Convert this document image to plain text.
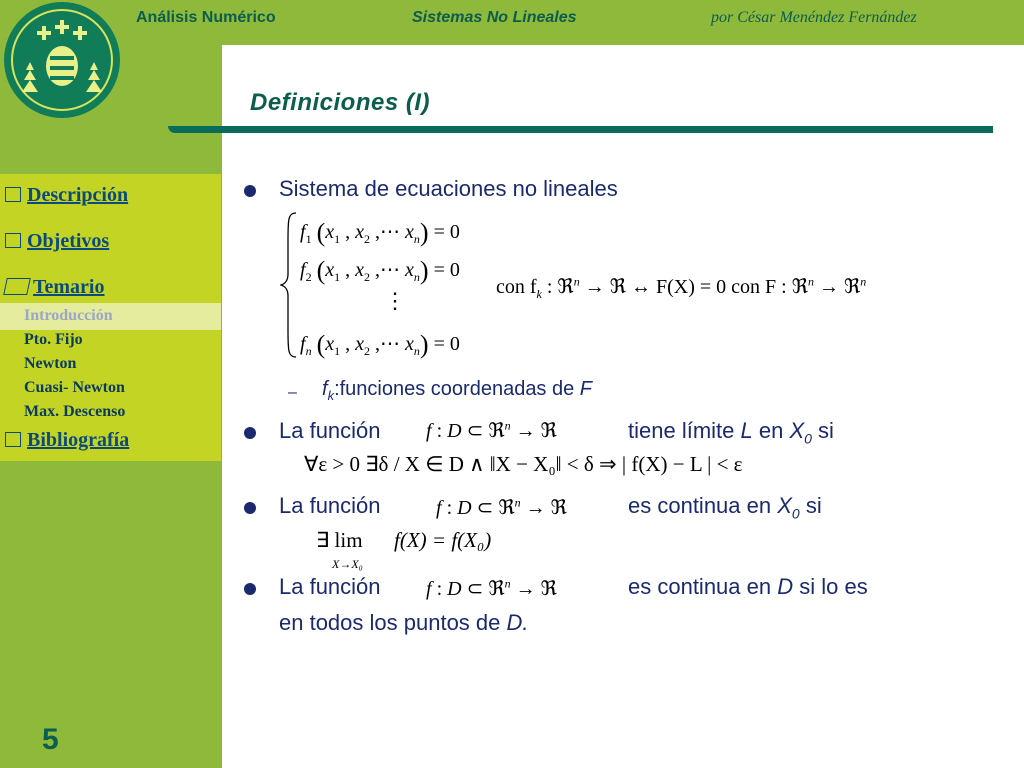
Análisis Numérico	Sistemas No Lineales	por César Menéndez Fernández
Definiciones (I)
Descripción
Objetivos
Temario
Introducción
Pto. Fijo
Newton
Cuasi- Newton
Max. Descenso
Bibliografía
5
Sistema de ecuaciones no lineales
$f_1$ ($x_1$ , $x_2$ ,⋯ $x_n) = 0$
$f_2$ ($x_1$ , $x_2$ ,⋯ $x_n) = 0$
⋮
$f_n$ ($x_1$ , $x_2$ ,⋯ $x_n) = 0$
con $f_k$ : ℜ$^n$ → ℜ ↔ F(X) = 0 con F : ℜ$^n$ → ℜ$^n$
– $f_k:funciones$ coordenadas de F
La función f : D ⊂ ℜ$^n$ → ℜ	tiene límite L en $X_0$ si
∀ε > 0 ∃δ / X ∈ D ∧ ‖X − X₀‖ < δ ⇒ | f(X) − L | < ε
La función	f : D ⊂ ℜ$^n$ → ℜ	es continua en $X_0$ si
∃ lim
X→X₀
f(X) = f(X₀)
La función f : D ⊂ ℜ$^n$ → ℜ	es continua en D si lo es
en todos los puntos de D.
